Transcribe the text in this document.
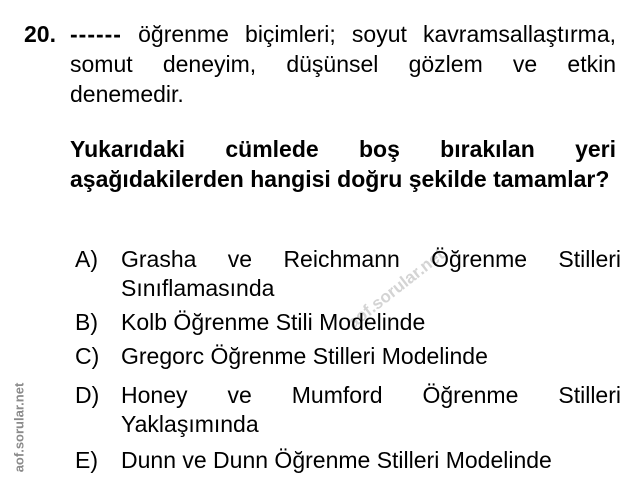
aof.sorular.net
aof.sorular.net
20. ------ öğrenme biçimleri; soyut kavramsallaştırma, somut deneyim, düşünsel gözlem ve etkin denemedir.
Yukarıdaki cümlede boş bırakılan yeri aşağıdakilerden hangisi doğru şekilde tamamlar?
A)	Grasha ve Reichmann Öğrenme Stilleri Sınıflamasında
B)	Kolb Öğrenme Stili Modelinde
C) Gregorc Öğrenme Stilleri Modelinde
D) Honey ve Mumford Öğrenme Stilleri Yaklaşımında
E)	Dunn ve Dunn Öğrenme Stilleri Modelinde
